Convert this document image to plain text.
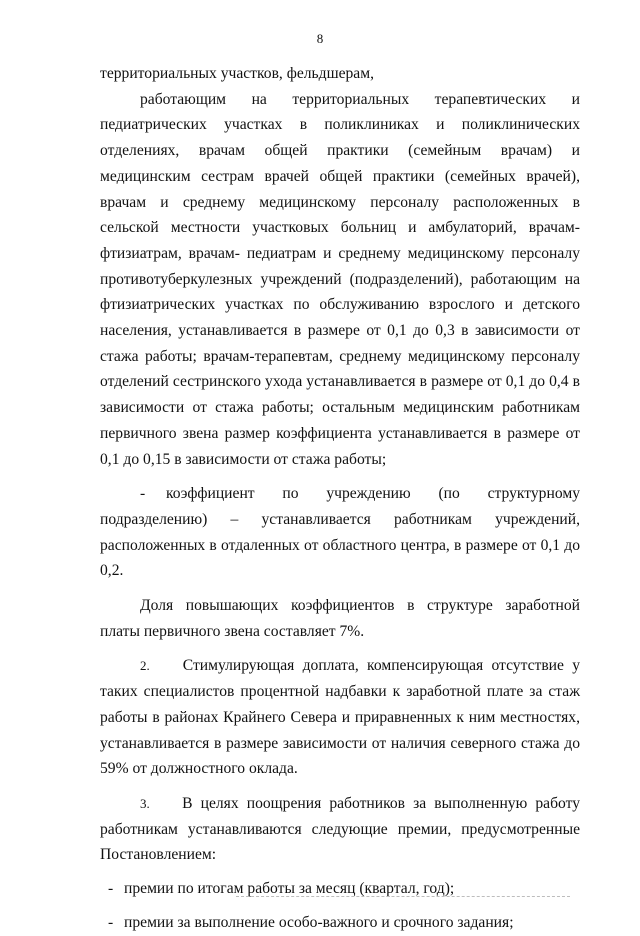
8

территориальных участков, фельдшерам,

работающим на территориальных терапевтических и педиатрических участках в поликлиниках и поликлинических отделениях, врачам общей практики (семейным врачам) и медицинским сестрам врачей общей практики (семейных врачей), врачам и среднему медицинскому персоналу расположенных в сельской местности участковых больниц и амбулаторий, врачам-фтизиатрам, врачам- педиатрам и среднему медицинскому персоналу противотуберкулезных учреждений (подразделений), работающим на фтизиатрических участках по обслуживанию взрослого и детского населения, устанавливается в размере от 0,1 до 0,3 в зависимости от стажа работы; врачам-терапевтам, среднему медицинскому персоналу отделений сестринского ухода устанавливается в размере от 0,1 до 0,4 в зависимости от стажа работы; остальным медицинским работникам первичного звена размер коэффициента устанавливается в размере от 0,1 до 0,15 в зависимости от стажа работы;

- коэффициент по учреждению (по структурному подразделению) – устанавливается работникам учреждений, расположенных в отдаленных от областного центра, в размере от 0,1 до 0,2.

Доля повышающих коэффициентов в структуре заработной платы первичного звена составляет 7%.

2. Стимулирующая доплата, компенсирующая отсутствие у таких специалистов процентной надбавки к заработной плате за стаж работы в районах Крайнего Севера и приравненных к ним местностях, устанавливается в размере зависимости от наличия северного стажа до 59% от должностного оклада.

3. В целях поощрения работников за выполненную работу работникам устанавливаются следующие премии, предусмотренные Постановлением:

- премии по итогам работы за месяц (квартал, год);

- премии за выполнение особо-важного и срочного задания;
